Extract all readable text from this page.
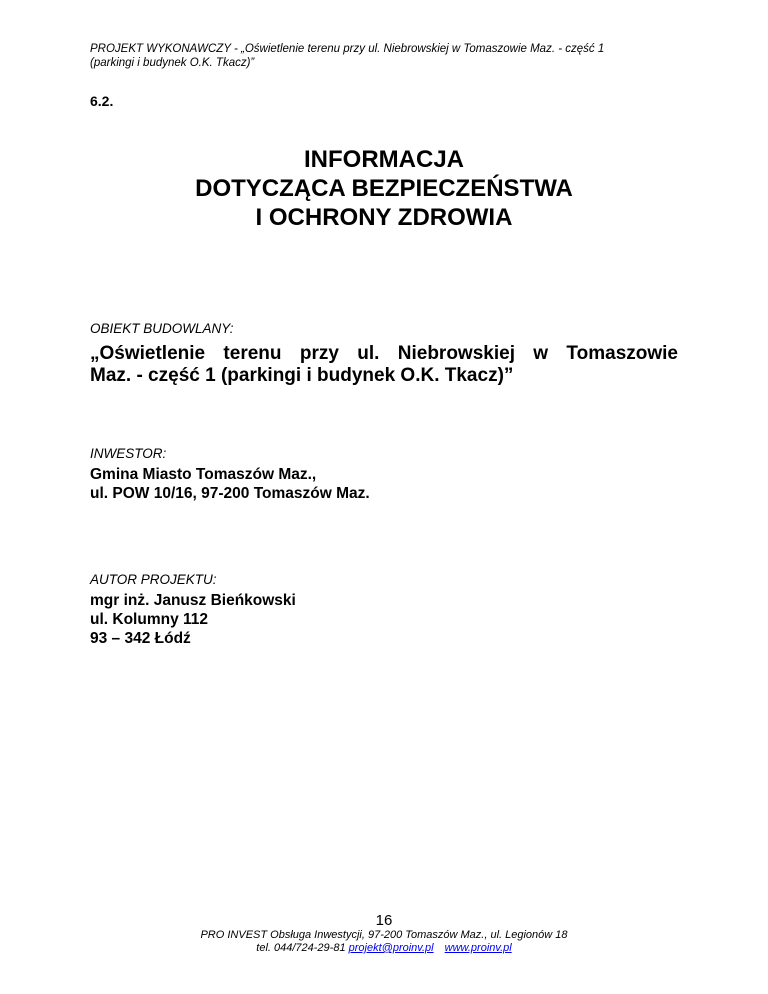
PROJEKT WYKONAWCZY - „Oświetlenie terenu przy ul. Niebrowskiej w Tomaszowie Maz. - część 1
(parkingi i budynek O.K. Tkacz)”
6.2.
INFORMACJA
DOTYCZĄCA BEZPIECZEŃSTWA
I OCHRONY ZDROWIA
OBIEKT BUDOWLANY:
„Oświetlenie terenu przy ul. Niebrowskiej w Tomaszowie
Maz. - część 1 (parkingi i budynek O.K. Tkacz)”
INWESTOR:
Gmina Miasto Tomaszów Maz.,
ul. POW 10/16, 97-200 Tomaszów Maz.
AUTOR PROJEKTU:
mgr inż. Janusz Bieńkowski
ul. Kolumny 112
93 – 342 Łódź
16
PRO INVEST Obsługa Inwestycji, 97-200 Tomaszów Maz., ul. Legionów 18
tel. 044/724-29-81 projekt@proinv.pl www.proinv.pl
